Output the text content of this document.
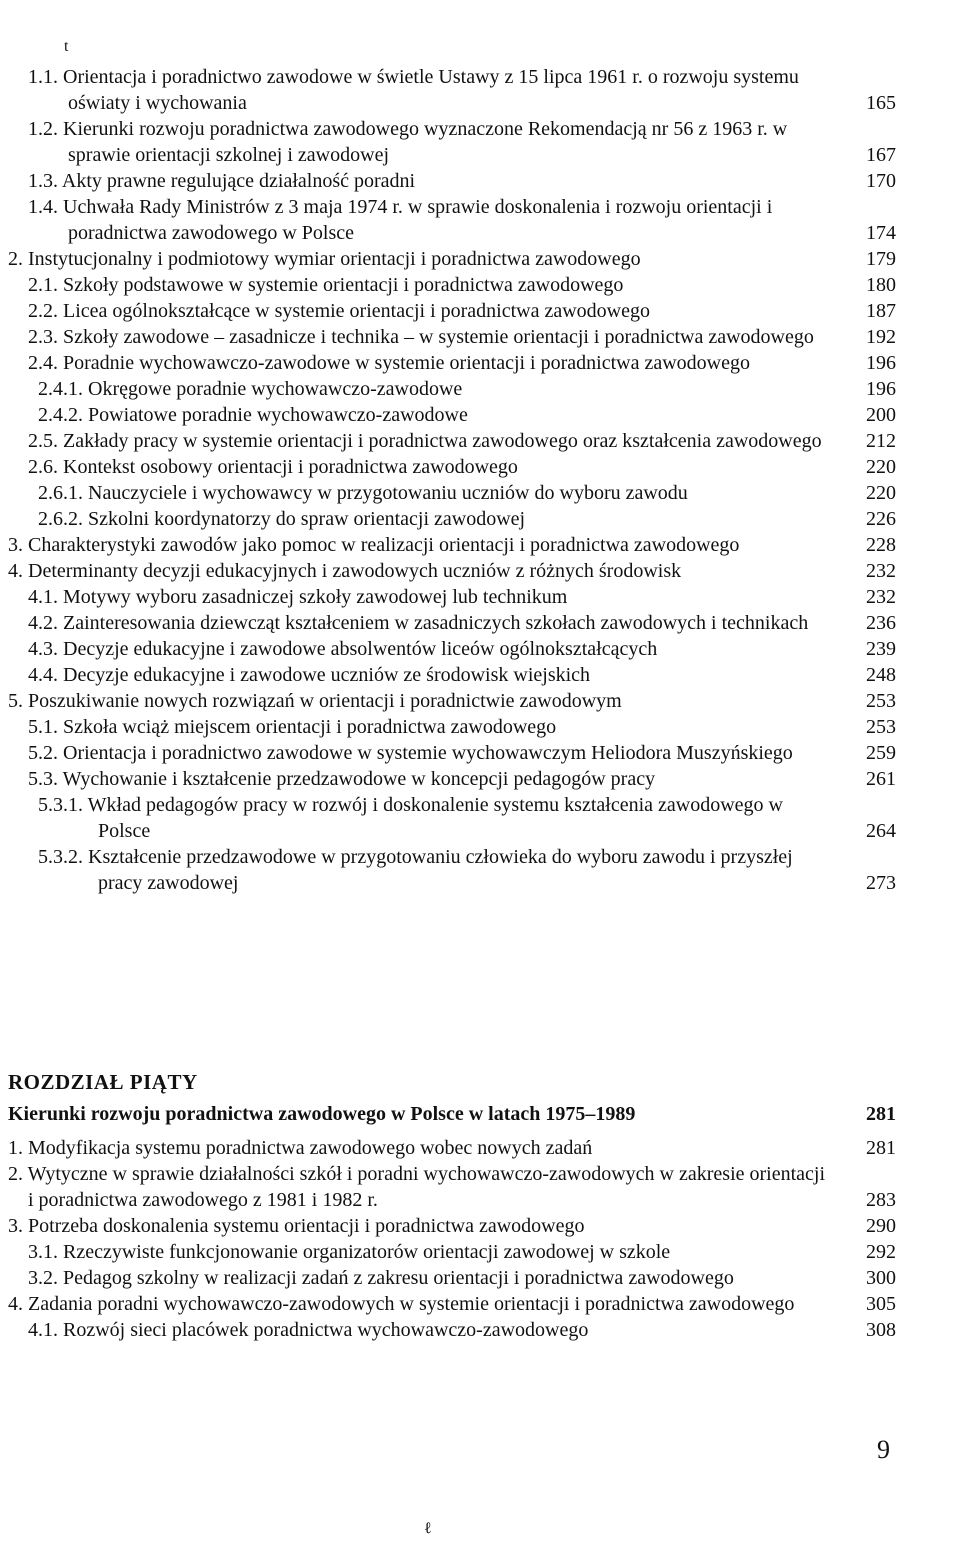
t
1.1. Orientacja i poradnictwo zawodowe w świetle Ustawy z 15 lipca 1961 r. o rozwoju systemu oświaty i wychowania	165
1.2. Kierunki rozwoju poradnictwa zawodowego wyznaczone Rekomendacją nr 56 z 1963 r. w sprawie orientacji szkolnej i zawodowej	167
1.3. Akty prawne regulujące działalność poradni	170
1.4. Uchwała Rady Ministrów z 3 maja 1974 r. w sprawie doskonalenia i rozwoju orientacji i poradnictwa zawodowego w Polsce	174
2. Instytucjonalny i podmiotowy wymiar orientacji i poradnictwa zawodowego	179
2.1. Szkoły podstawowe w systemie orientacji i poradnictwa zawodowego	180
2.2. Licea ogólnokształcące w systemie orientacji i poradnictwa zawodowego	187
2.3. Szkoły zawodowe – zasadnicze i technika – w systemie orientacji i poradnictwa zawodowego	192
2.4. Poradnie wychowawczo-zawodowe w systemie orientacji i poradnictwa zawodowego	196
2.4.1. Okręgowe poradnie wychowawczo-zawodowe	196
2.4.2. Powiatowe poradnie wychowawczo-zawodowe	200
2.5. Zakłady pracy w systemie orientacji i poradnictwa zawodowego oraz kształcenia zawodowego	212
2.6. Kontekst osobowy orientacji i poradnictwa zawodowego	220
2.6.1. Nauczyciele i wychowawcy w przygotowaniu uczniów do wyboru zawodu	220
2.6.2. Szkolni koordynatorzy do spraw orientacji zawodowej	226
3. Charakterystyki zawodów jako pomoc w realizacji orientacji i poradnictwa zawodowego	228
4. Determinanty decyzji edukacyjnych i zawodowych uczniów z różnych środowisk	232
4.1. Motywy wyboru zasadniczej szkoły zawodowej lub technikum	232
4.2. Zainteresowania dziewcząt kształceniem w zasadniczych szkołach zawodowych i technikach	236
4.3. Decyzje edukacyjne i zawodowe absolwentów liceów ogólnokształcących	239
4.4. Decyzje edukacyjne i zawodowe uczniów ze środowisk wiejskich	248
5. Poszukiwanie nowych rozwiązań w orientacji i poradnictwie zawodowym	253
5.1. Szkoła wciąż miejscem orientacji i poradnictwa zawodowego	253
5.2. Orientacja i poradnictwo zawodowe w systemie wychowawczym Heliodora Muszyńskiego	259
5.3. Wychowanie i kształcenie przedzawodowe w koncepcji pedagogów pracy	261
5.3.1. Wkład pedagogów pracy w rozwój i doskonalenie systemu kształcenia zawodowego w Polsce	264
5.3.2. Kształcenie przedzawodowe w przygotowaniu człowieka do wyboru zawodu i przyszłej pracy zawodowej	273
ROZDZIAŁ PIĄTY
Kierunki rozwoju poradnictwa zawodowego w Polsce w latach 1975–1989	281
1. Modyfikacja systemu poradnictwa zawodowego wobec nowych zadań	281
2. Wytyczne w sprawie działalności szkół i poradni wychowawczo-zawodowych w zakresie orientacji i poradnictwa zawodowego z 1981 i 1982 r.	283
3. Potrzeba doskonalenia systemu orientacji i poradnictwa zawodowego	290
3.1. Rzeczywiste funkcjonowanie organizatorów orientacji zawodowej w szkole	292
3.2. Pedagog szkolny w realizacji zadań z zakresu orientacji i poradnictwa zawodowego	300
4. Zadania poradni wychowawczo-zawodowych w systemie orientacji i poradnictwa zawodowego	305
4.1. Rozwój sieci placówek poradnictwa wychowawczo-zawodowego	308
9
ℓ
